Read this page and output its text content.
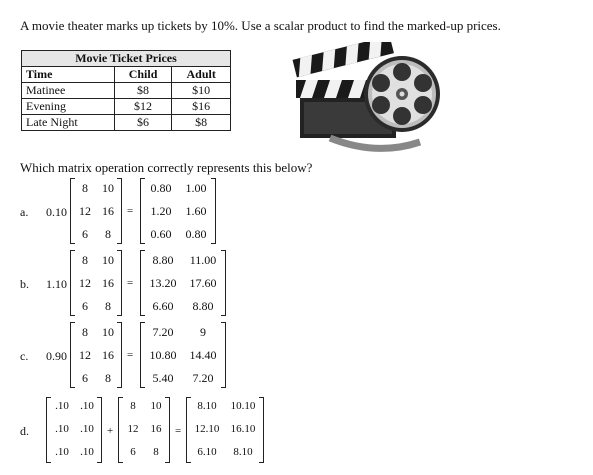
A movie theater marks up tickets by 10%. Use a scalar product to find the marked-up prices.
Movie Ticket Prices		
Time	Child	Adult
Matinee	$8	$10
Evening	$12	$16
Late Night	$6	$8
Which matrix operation correctly represents this below?
a. 0.10
8	10
12 16
6	8
=
0.80	1.00
1.20	1.60
0.60	0.80
b. 1.10
8	10
12 16
6	8
=
8.80	11.00
13.20	17.60
6.60	8.80
c. 0.90
8	10
12 16
6	8
=
7.20	9
10.80	14.40
5.40	7.20
d.
.10	.10
.10	.10
.10	.10
+
8	10
12	16
6	8
=
8.10	10.10
12.10	16.10
6.10	8.10
